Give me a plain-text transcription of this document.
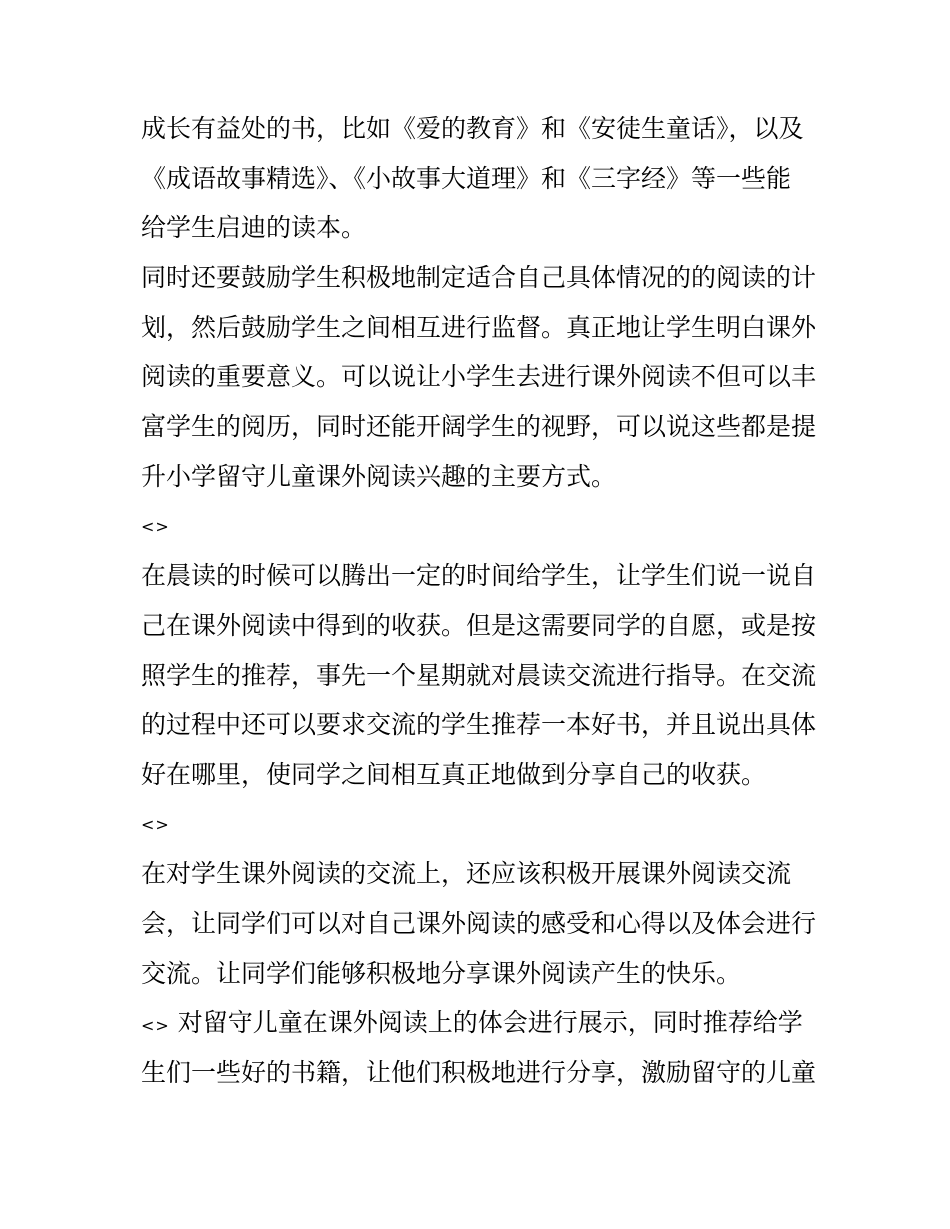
成长有益处的书，比如《爱的教育》和《安徒生童话》，以及
《成语故事精选》、《小故事大道理》和《三字经》等一些能
给学生启迪的读本。
同时还要鼓励学生积极地制定适合自己具体情况的的阅读的计
划，然后鼓励学生之间相互进行监督。真正地让学生明白课外
阅读的重要意义。可以说让小学生去进行课外阅读不但可以丰
富学生的阅历，同时还能开阔学生的视野，可以说这些都是提
升小学留守儿童课外阅读兴趣的主要方式。
<>
在晨读的时候可以腾出一定的时间给学生，让学生们说一说自
己在课外阅读中得到的收获。但是这需要同学的自愿，或是按
照学生的推荐，事先一个星期就对晨读交流进行指导。在交流
的过程中还可以要求交流的学生推荐一本好书，并且说出具体
好在哪里，使同学之间相互真正地做到分享自己的收获。
<>
在对学生课外阅读的交流上，还应该积极开展课外阅读交流
会，让同学们可以对自己课外阅读的感受和心得以及体会进行
交流。让同学们能够积极地分享课外阅读产生的快乐。
<> 对留守儿童在课外阅读上的体会进行展示，同时推荐给学
生们一些好的书籍，让他们积极地进行分享，激励留守的儿童
